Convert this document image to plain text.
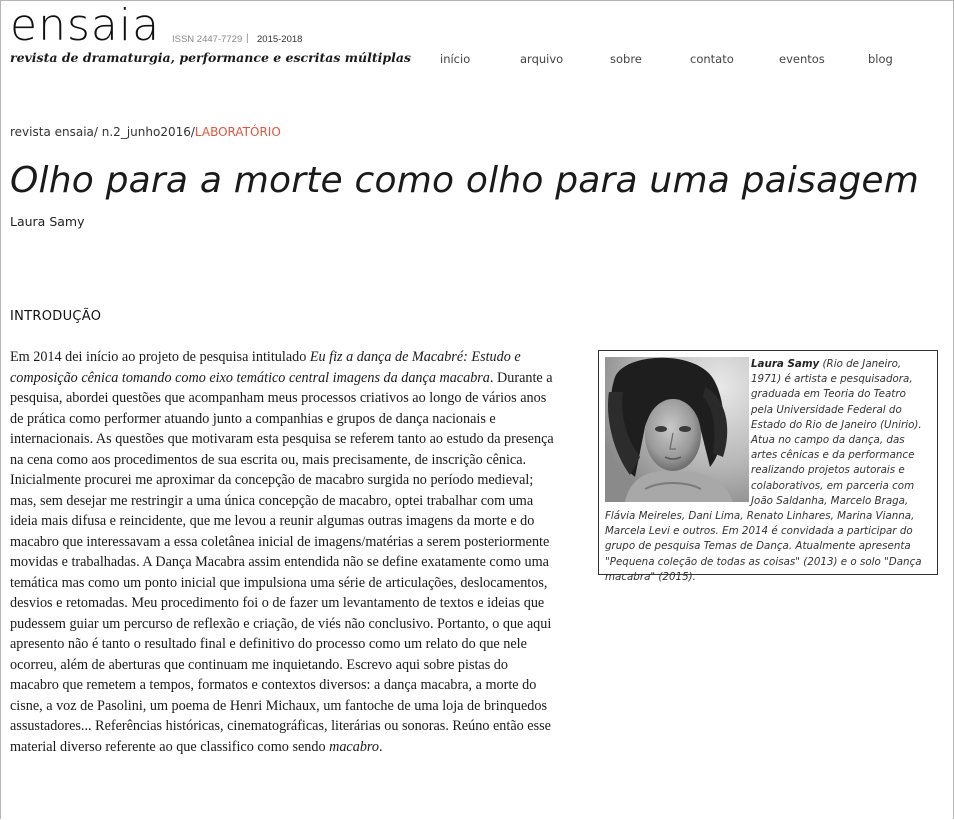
ensaia ISSN 2447-7729 | 2015-2018
revista de dramaturgia, performance e escritas múltiplas	início	arquivo	sobre	contato	eventos	blog
revista ensaia/ n.2_junho2016/LABORATÓRIO
Olho para a morte como olho para uma paisagem
Laura Samy
INTRODUÇÃO

Em 2014 dei início ao projeto de pesquisa intitulado Eu fiz a dança de Macabré: Estudo e composição cênica tomando como eixo temático central imagens da dança macabra. Durante a pesquisa, abordei questões que acompanham meus processos criativos ao longo de vários anos de prática como performer atuando junto a companhias e grupos de dança nacionais e internacionais. As questões que motivaram esta pesquisa se referem tanto ao estudo da presença na cena como aos procedimentos de sua escrita ou, mais precisamente, de inscrição cênica. Inicialmente procurei me aproximar da concepção de macabro surgida no período medieval; mas, sem desejar me restringir a uma única concepção de macabro, optei trabalhar com uma ideia mais difusa e reincidente, que me levou a reunir algumas outras imagens da morte e do macabro que interessavam a essa coletânea inicial de imagens/matérias a serem posteriormente movidas e trabalhadas. A Dança Macabra assim entendida não se define exatamente como uma temática mas como um ponto inicial que impulsiona uma série de articulações, deslocamentos, desvios e retomadas. Meu procedimento foi o de fazer um levantamento de textos e ideias que pudessem guiar um percurso de reflexão e criação, de viés não conclusivo. Portanto, o que aqui apresento não é tanto o resultado final e definitivo do processo como um relato do que nele ocorreu, além de aberturas que continuam me inquietando. Escrevo aqui sobre pistas do macabro que remetem a tempos, formatos e contextos diversos: a dança macabra, a morte do cisne, a voz de Pasolini, um poema de Henri Michaux, um fantoche de uma loja de brinquedos assustadores... Referências históricas, cinematográficas, literárias ou sonoras. Reúno então esse material diverso referente ao que classifico como sendo macabro.

Laura Samy (Rio de Janeiro, 1971) é artista e pesquisadora, graduada em Teoria do Teatro pela Universidade Federal do Estado do Rio de Janeiro (Unirio). Atua no campo da dança, das artes cênicas e da performance realizando projetos autorais e colaborativos, em parceria com João Saldanha, Marcelo Braga, Flávia Meireles, Dani Lima, Renato Linhares, Marina Vianna, Marcela Levi e outros. Em 2014 é convidada a participar do grupo de pesquisa Temas de Dança. Atualmente apresenta "Pequena coleção de todas as coisas" (2013) e o solo "Dança macabra" (2015).
